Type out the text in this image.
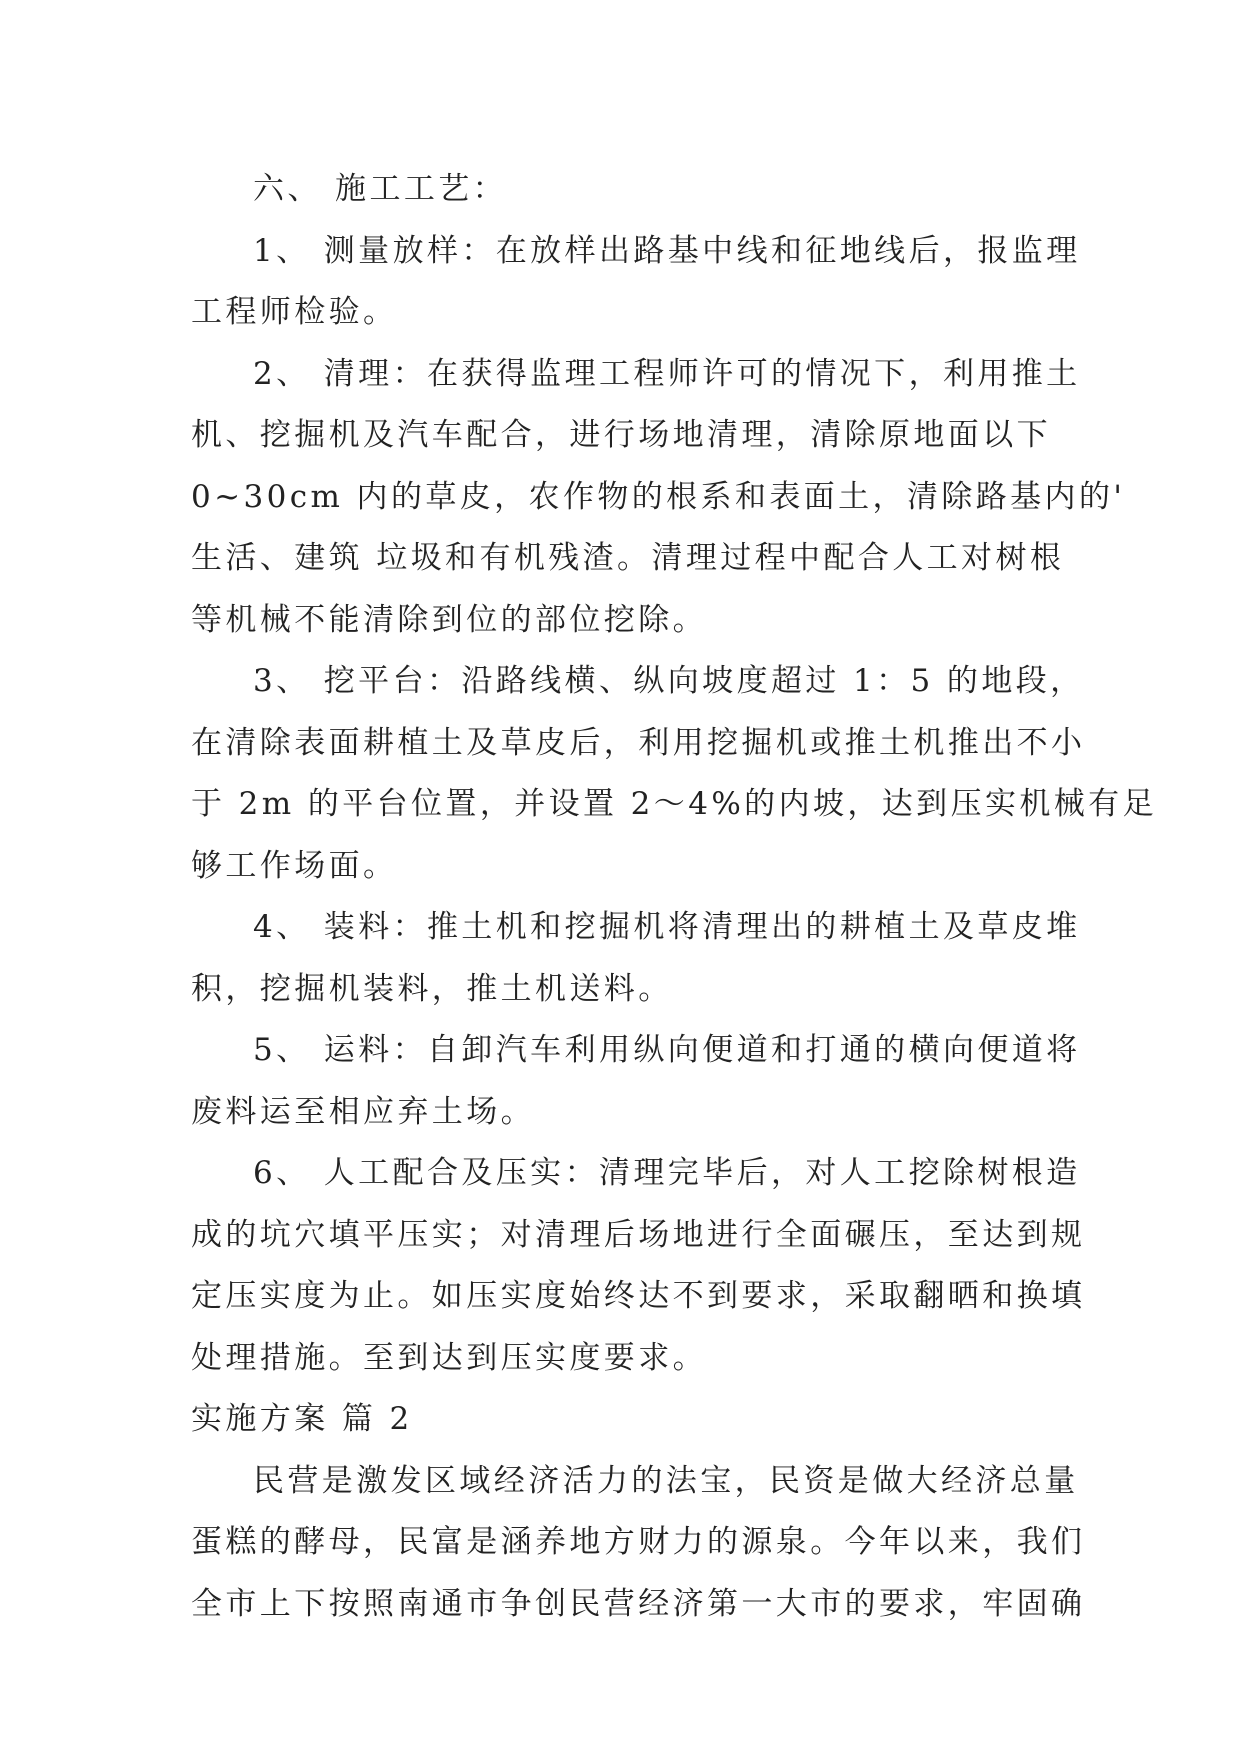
六、 施工工艺：
1、 测量放样：在放样出路基中线和征地线后，报监理
工程师检验。
2、 清理：在获得监理工程师许可的情况下，利用推土
机、挖掘机及汽车配合，进行场地清理，清除原地面以下
0~30cm 内的草皮，农作物的根系和表面土，清除路基内的'
生活、建筑 垃圾和有机残渣。清理过程中配合人工对树根
等机械不能清除到位的部位挖除。
3、 挖平台：沿路线横、纵向坡度超过 1：5 的地段，
在清除表面耕植土及草皮后，利用挖掘机或推土机推出不小
于 2m 的平台位置，并设置 2～4%的内坡，达到压实机械有足
够工作场面。
4、 装料：推土机和挖掘机将清理出的耕植土及草皮堆
积，挖掘机装料，推土机送料。
5、 运料：自卸汽车利用纵向便道和打通的横向便道将
废料运至相应弃土场。
6、 人工配合及压实：清理完毕后，对人工挖除树根造
成的坑穴填平压实；对清理后场地进行全面碾压，至达到规
定压实度为止。如压实度始终达不到要求，采取翻晒和换填
处理措施。至到达到压实度要求。
实施方案 篇 2
民营是激发区域经济活力的法宝，民资是做大经济总量
蛋糕的酵母，民富是涵养地方财力的源泉。今年以来，我们
全市上下按照南通市争创民营经济第一大市的要求，牢固确
